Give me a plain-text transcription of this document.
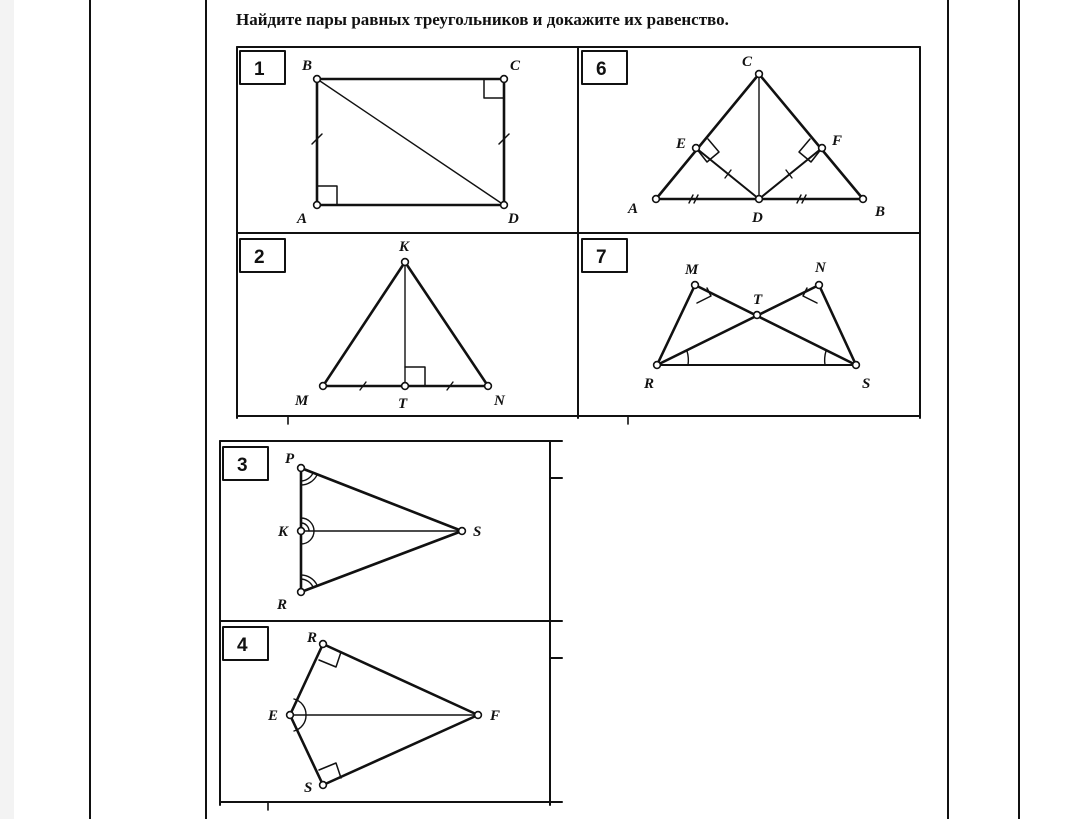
Найдите пары равных треугольников и докажите их равенство.
1	6
2	7
3
4
B	C
A	D
C
E	F
A
D	B
K
M	T	N
M	N
T
R	S
P
K	S
R
R
E	F
S
